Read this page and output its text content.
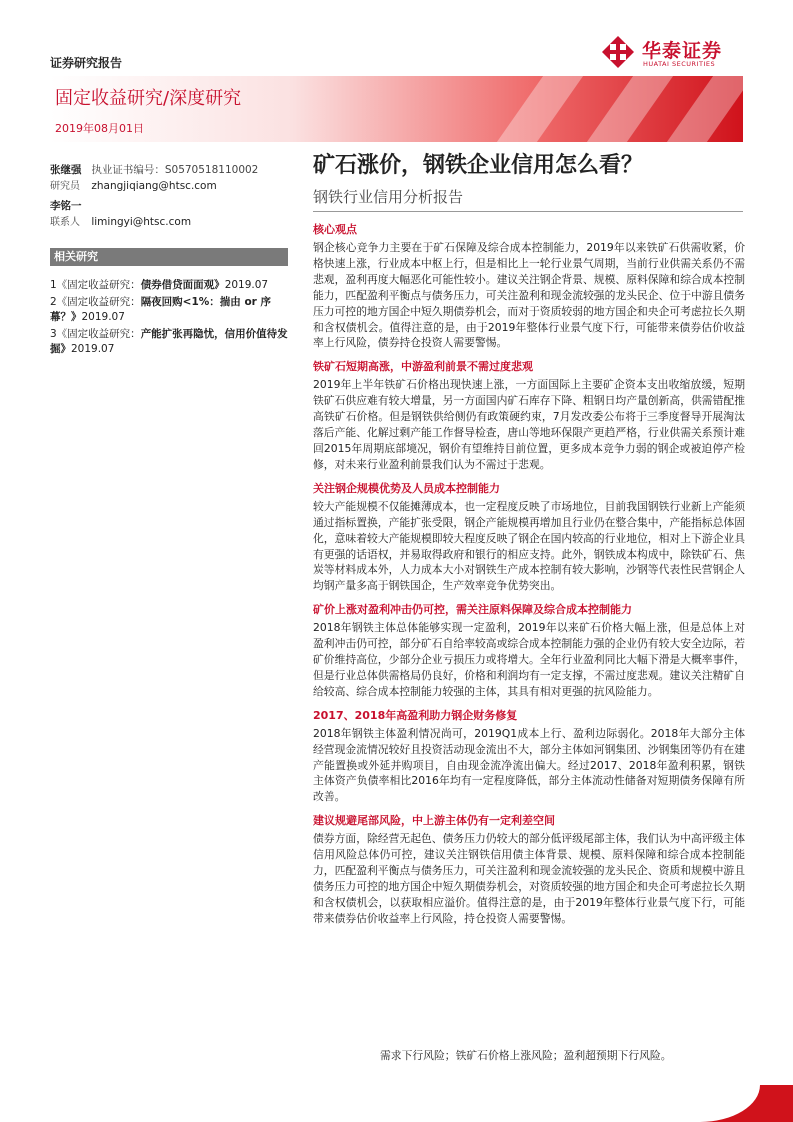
证券研究报告
固定收益研究/深度研究
2019年08月01日
华泰证券
HUATAI SECURITIES
张继强 执业证书编号：S0570518110002
研究员 zhangjiqiang@htsc.com
李铭一
联系人 limingyi@htsc.com
相关研究
1《固定收益研究：债券借贷面面观》2019.07
2《固定收益研究：隔夜回购<1%：揣由 or 序幕？》2019.07
3《固定收益研究：产能扩张再隐忧，信用价值待发掘》2019.07
矿石涨价，钢铁企业信用怎么看？
钢铁行业信用分析报告
核心观点
钢企核心竞争力主要在于矿石保障及综合成本控制能力，2019年以来铁矿石供需收紧，价格快速上涨，行业成本中枢上行，但是相比上一轮行业景气周期，当前行业供需关系仍不需悲观，盈利再度大幅恶化可能性较小。建议关注钢企背景、规模、原料保障和综合成本控制能力，匹配盈利平衡点与债务压力，可关注盈利和现金流较强的龙头民企、位于中游且债务压力可控的地方国企中短久期债券机会，而对于资质较弱的地方国企和央企可考虑拉长久期和含权债机会。值得注意的是，由于2019年整体行业景气度下行，可能带来债券估价收益率上行风险，债券持仓投资人需要警惕。
铁矿石短期高涨，中游盈利前景不需过度悲观
2019年上半年铁矿石价格出现快速上涨，一方面国际上主要矿企资本支出收缩放缓，短期铁矿石供应难有较大增量，另一方面国内矿石库存下降、粗钢日均产量创新高，供需错配推高铁矿石价格。但是钢铁供给侧仍有政策硬约束，7月发改委公布将于三季度督导开展淘汰落后产能、化解过剩产能工作督导检查，唐山等地环保限产更趋严格，行业供需关系预计难回2015年周期底部境况，钢价有望维持目前位置，更多成本竞争力弱的钢企或被迫停产检修，对未来行业盈利前景我们认为不需过于悲观。
关注钢企规模优势及人员成本控制能力
较大产能规模不仅能摊薄成本，也一定程度反映了市场地位，目前我国钢铁行业新上产能须通过指标置换，产能扩张受限，钢企产能规模再增加且行业仍在整合集中，产能指标总体固化，意味着较大产能规模即较大程度反映了钢企在国内较高的行业地位，相对上下游企业具有更强的话语权，并易取得政府和银行的相应支持。此外，钢铁成本构成中，除铁矿石、焦炭等材料成本外，人力成本大小对钢铁生产成本控制有较大影响，沙钢等代表性民营钢企人均钢产量多高于钢铁国企，生产效率竞争优势突出。
矿价上涨对盈利冲击仍可控，需关注原料保障及综合成本控制能力
2018年钢铁主体总体能够实现一定盈利，2019年以来矿石价格大幅上涨，但是总体上对盈利冲击仍可控，部分矿石自给率较高或综合成本控制能力强的企业仍有较大安全边际，若矿价维持高位，少部分企业亏损压力或将增大。全年行业盈利同比大幅下滑是大概率事件，但是行业总体供需格局仍良好，价格和利润均有一定支撑，不需过度悲观。建议关注精矿自给较高、综合成本控制能力较强的主体，其具有相对更强的抗风险能力。
2017、2018年高盈利助力钢企财务修复
2018年钢铁主体盈利情况尚可，2019Q1成本上行、盈利边际弱化。2018年大部分主体经营现金流情况较好且投资活动现金流出不大，部分主体如河钢集团、沙钢集团等仍有在建产能置换或外延并购项目，自由现金流净流出偏大。经过2017、2018年盈利积累，钢铁主体资产负债率相比2016年均有一定程度降低，部分主体流动性储备对短期债务保障有所改善。
建议规避尾部风险，中上游主体仍有一定利差空间
债券方面，除经营无起色、债务压力仍较大的部分低评级尾部主体，我们认为中高评级主体信用风险总体仍可控，建议关注钢铁信用债主体背景、规模、原料保障和综合成本控制能力，匹配盈利平衡点与债务压力，可关注盈利和现金流较强的龙头民企、资质和规模中游且债务压力可控的地方国企中短久期债券机会，对资质较强的地方国企和央企可考虑拉长久期和含权债机会，以获取相应溢价。值得注意的是，由于2019年整体行业景气度下行，可能带来债券估价收益率上行风险，持仓投资人需要警惕。
需求下行风险；铁矿石价格上涨风险；盈利超预期下行风险。
1
